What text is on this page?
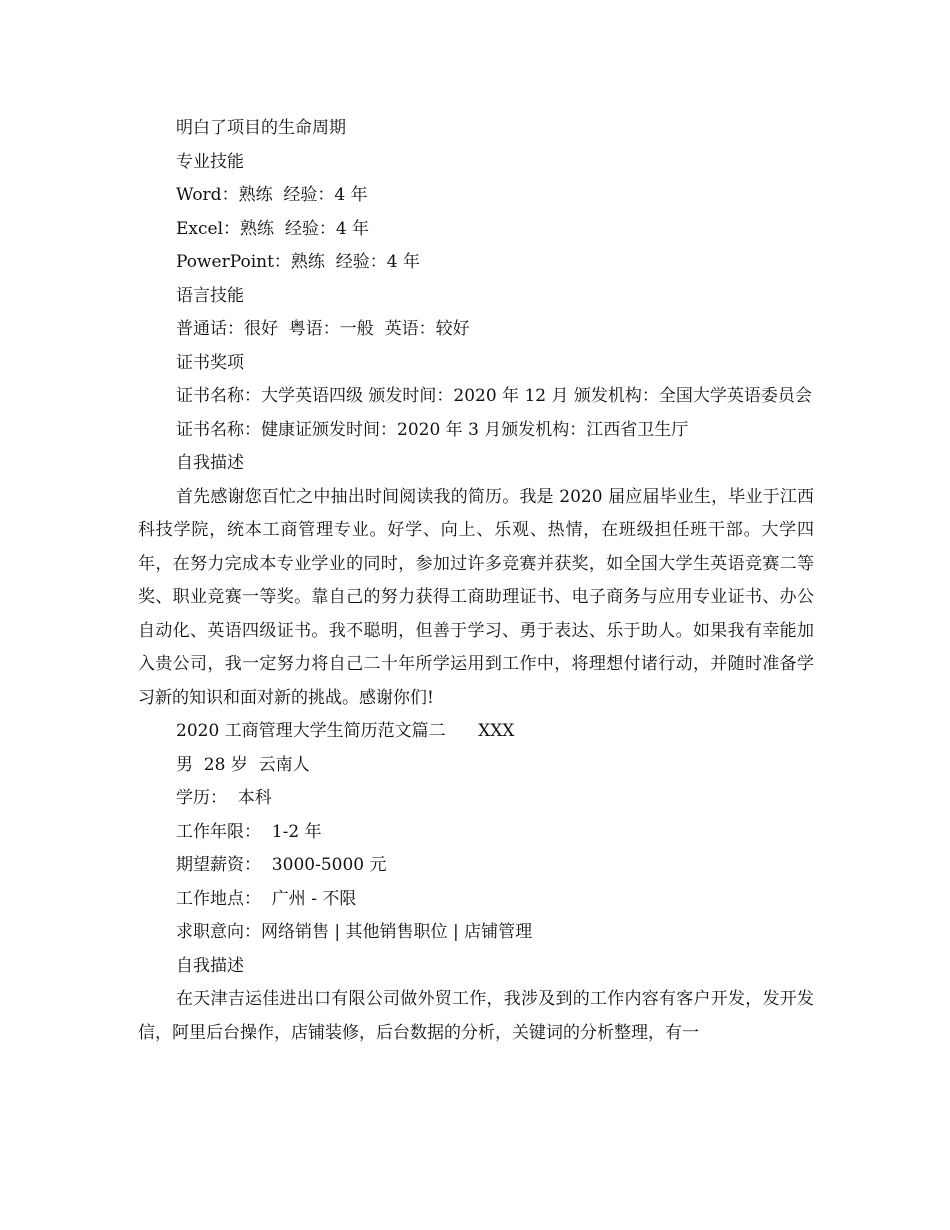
明白了项目的生命周期

专业技能

Word：熟练  经验：4 年

Excel：熟练  经验：4 年

PowerPoint：熟练  经验：4 年

语言技能

普通话：很好  粤语：一般  英语：较好

证书奖项

证书名称：大学英语四级 颁发时间：2020 年 12 月 颁发机构：全国大学英语委员会

证书名称：健康证颁发时间：2020 年 3 月颁发机构：江西省卫生厅

自我描述

首先感谢您百忙之中抽出时间阅读我的简历。我是 2020 届应届毕业生，毕业于江西科技学院，统本工商管理专业。好学、向上、乐观、热情，在班级担任班干部。大学四年，在努力完成本专业学业的同时，参加过许多竞赛并获奖，如全国大学生英语竞赛二等奖、职业竞赛一等奖。靠自己的努力获得工商助理证书、电子商务与应用专业证书、办公自动化、英语四级证书。我不聪明，但善于学习、勇于表达、乐于助人。如果我有幸能加入贵公司，我一定努力将自己二十年所学运用到工作中，将理想付诸行动，并随时准备学习新的知识和面对新的挑战。感谢你们!

2020 工商管理大学生简历范文篇二      XXX

男  28 岁  云南人

学历：  本科

工作年限：  1-2 年

期望薪资：  3000-5000 元

工作地点：  广州 - 不限

求职意向：网络销售 | 其他销售职位 | 店铺管理

自我描述

在天津吉运佳进出口有限公司做外贸工作，我涉及到的工作内容有客户开发，发开发信，阿里后台操作，店铺装修，后台数据的分析，关键词的分析整理，有一
